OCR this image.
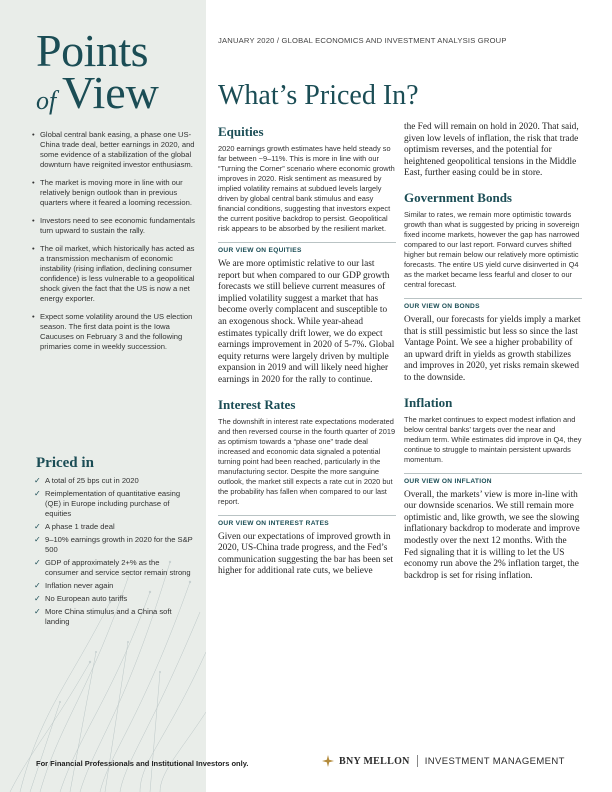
Points
of View
• Global central bank easing, a phase one US-China trade deal, better earnings in 2020, and some evidence of a stabilization of the global downturn have reignited investor enthusiasm.
• The market is moving more in line with our relatively benign outlook than in previous quarters where it feared a looming recession.
• Investors need to see economic fundamentals turn upward to sustain the rally.
• The oil market, which historically has acted as a transmission mechanism of economic instability (rising inflation, declining consumer confidence) is less vulnerable to a geopolitical shock given the fact that the US is now a net energy exporter.
• Expect some volatility around the US election season. The first data point is the Iowa Caucuses on February 3 and the following primaries come in weekly succession.
Priced in
✓ A total of 25 bps cut in 2020
✓ Reimplementation of quantitative easing (QE) in Europe including purchase of equities
✓ A phase 1 trade deal
✓ 9–10% earnings growth in 2020 for the S&P 500
✓ GDP of approximately 2+% as the consumer and service sector remain strong
✓ Inflation never again
✓ No European auto tariffs
✓ More China stimulus and a China soft landing
For Financial Professionals and Institutional Investors only.
JANUARY 2020 / GLOBAL ECONOMICS AND INVESTMENT ANALYSIS GROUP
What’s Priced In?
Equities

2020 earnings growth estimates have held steady so far between ~9–11%. This is more in line with our “Turning the Corner” scenario where economic growth improves in 2020. Risk sentiment as measured by implied volatility remains at subdued levels largely driven by global central bank stimulus and easy financial conditions, suggesting that investors expect the current positive backdrop to persist. Geopolitical risk appears to be absorbed by the resilient market.

OUR VIEW ON EQUITIES

We are more optimistic relative to our last report but when compared to our GDP growth forecasts we still believe current measures of implied volatility suggest a market that has become overly complacent and susceptible to an exogenous shock. While year-ahead estimates typically drift lower, we do expect earnings improvement in 2020 of 5-7%. Global equity returns were largely driven by multiple expansion in 2019 and will likely need higher earnings in 2020 for the rally to continue.

Interest Rates

The downshift in interest rate expectations moderated and then reversed course in the fourth quarter of 2019 as optimism towards a “phase one” trade deal increased and economic data signaled a potential turning point had been reached, particularly in the manufacturing sector. Despite the more sanguine outlook, the market still expects a rate cut in 2020 but the probability has fallen when compared to our last report.

OUR VIEW ON INTEREST RATES

Given our expectations of improved growth in 2020, US-China trade progress, and the Fed’s communication suggesting the bar has been set higher for additional rate cuts, we believe

the Fed will remain on hold in 2020. That said, given low levels of inflation, the risk that trade optimism reverses, and the potential for heightened geopolitical tensions in the Middle East, further easing could be in store.

Government Bonds

Similar to rates, we remain more optimistic towards growth than what is suggested by pricing in sovereign fixed income markets, however the gap has narrowed compared to our last report. Forward curves shifted higher but remain below our relatively more optimistic forecasts. The entire US yield curve disinverted in Q4 as the market became less fearful and closer to our central forecast.

OUR VIEW ON BONDS

Overall, our forecasts for yields imply a market that is still pessimistic but less so since the last Vantage Point. We see a higher probability of an upward drift in yields as growth stabilizes and improves in 2020, yet risks remain skewed to the downside.

Inflation

The market continues to expect modest inflation and below central banks’ targets over the near and medium term. While estimates did improve in Q4, they continue to struggle to maintain persistent upwards momentum.

OUR VIEW ON INFLATION

Overall, the markets’ view is more in-line with our downside scenarios. We still remain more optimistic and, like growth, we see the slowing inflationary backdrop to moderate and improve modestly over the next 12 months. With the Fed signaling that it is willing to let the US economy run above the 2% inflation target, the backdrop is set for rising inflation.

BNY MELLON INVESTMENT MANAGEMENT
